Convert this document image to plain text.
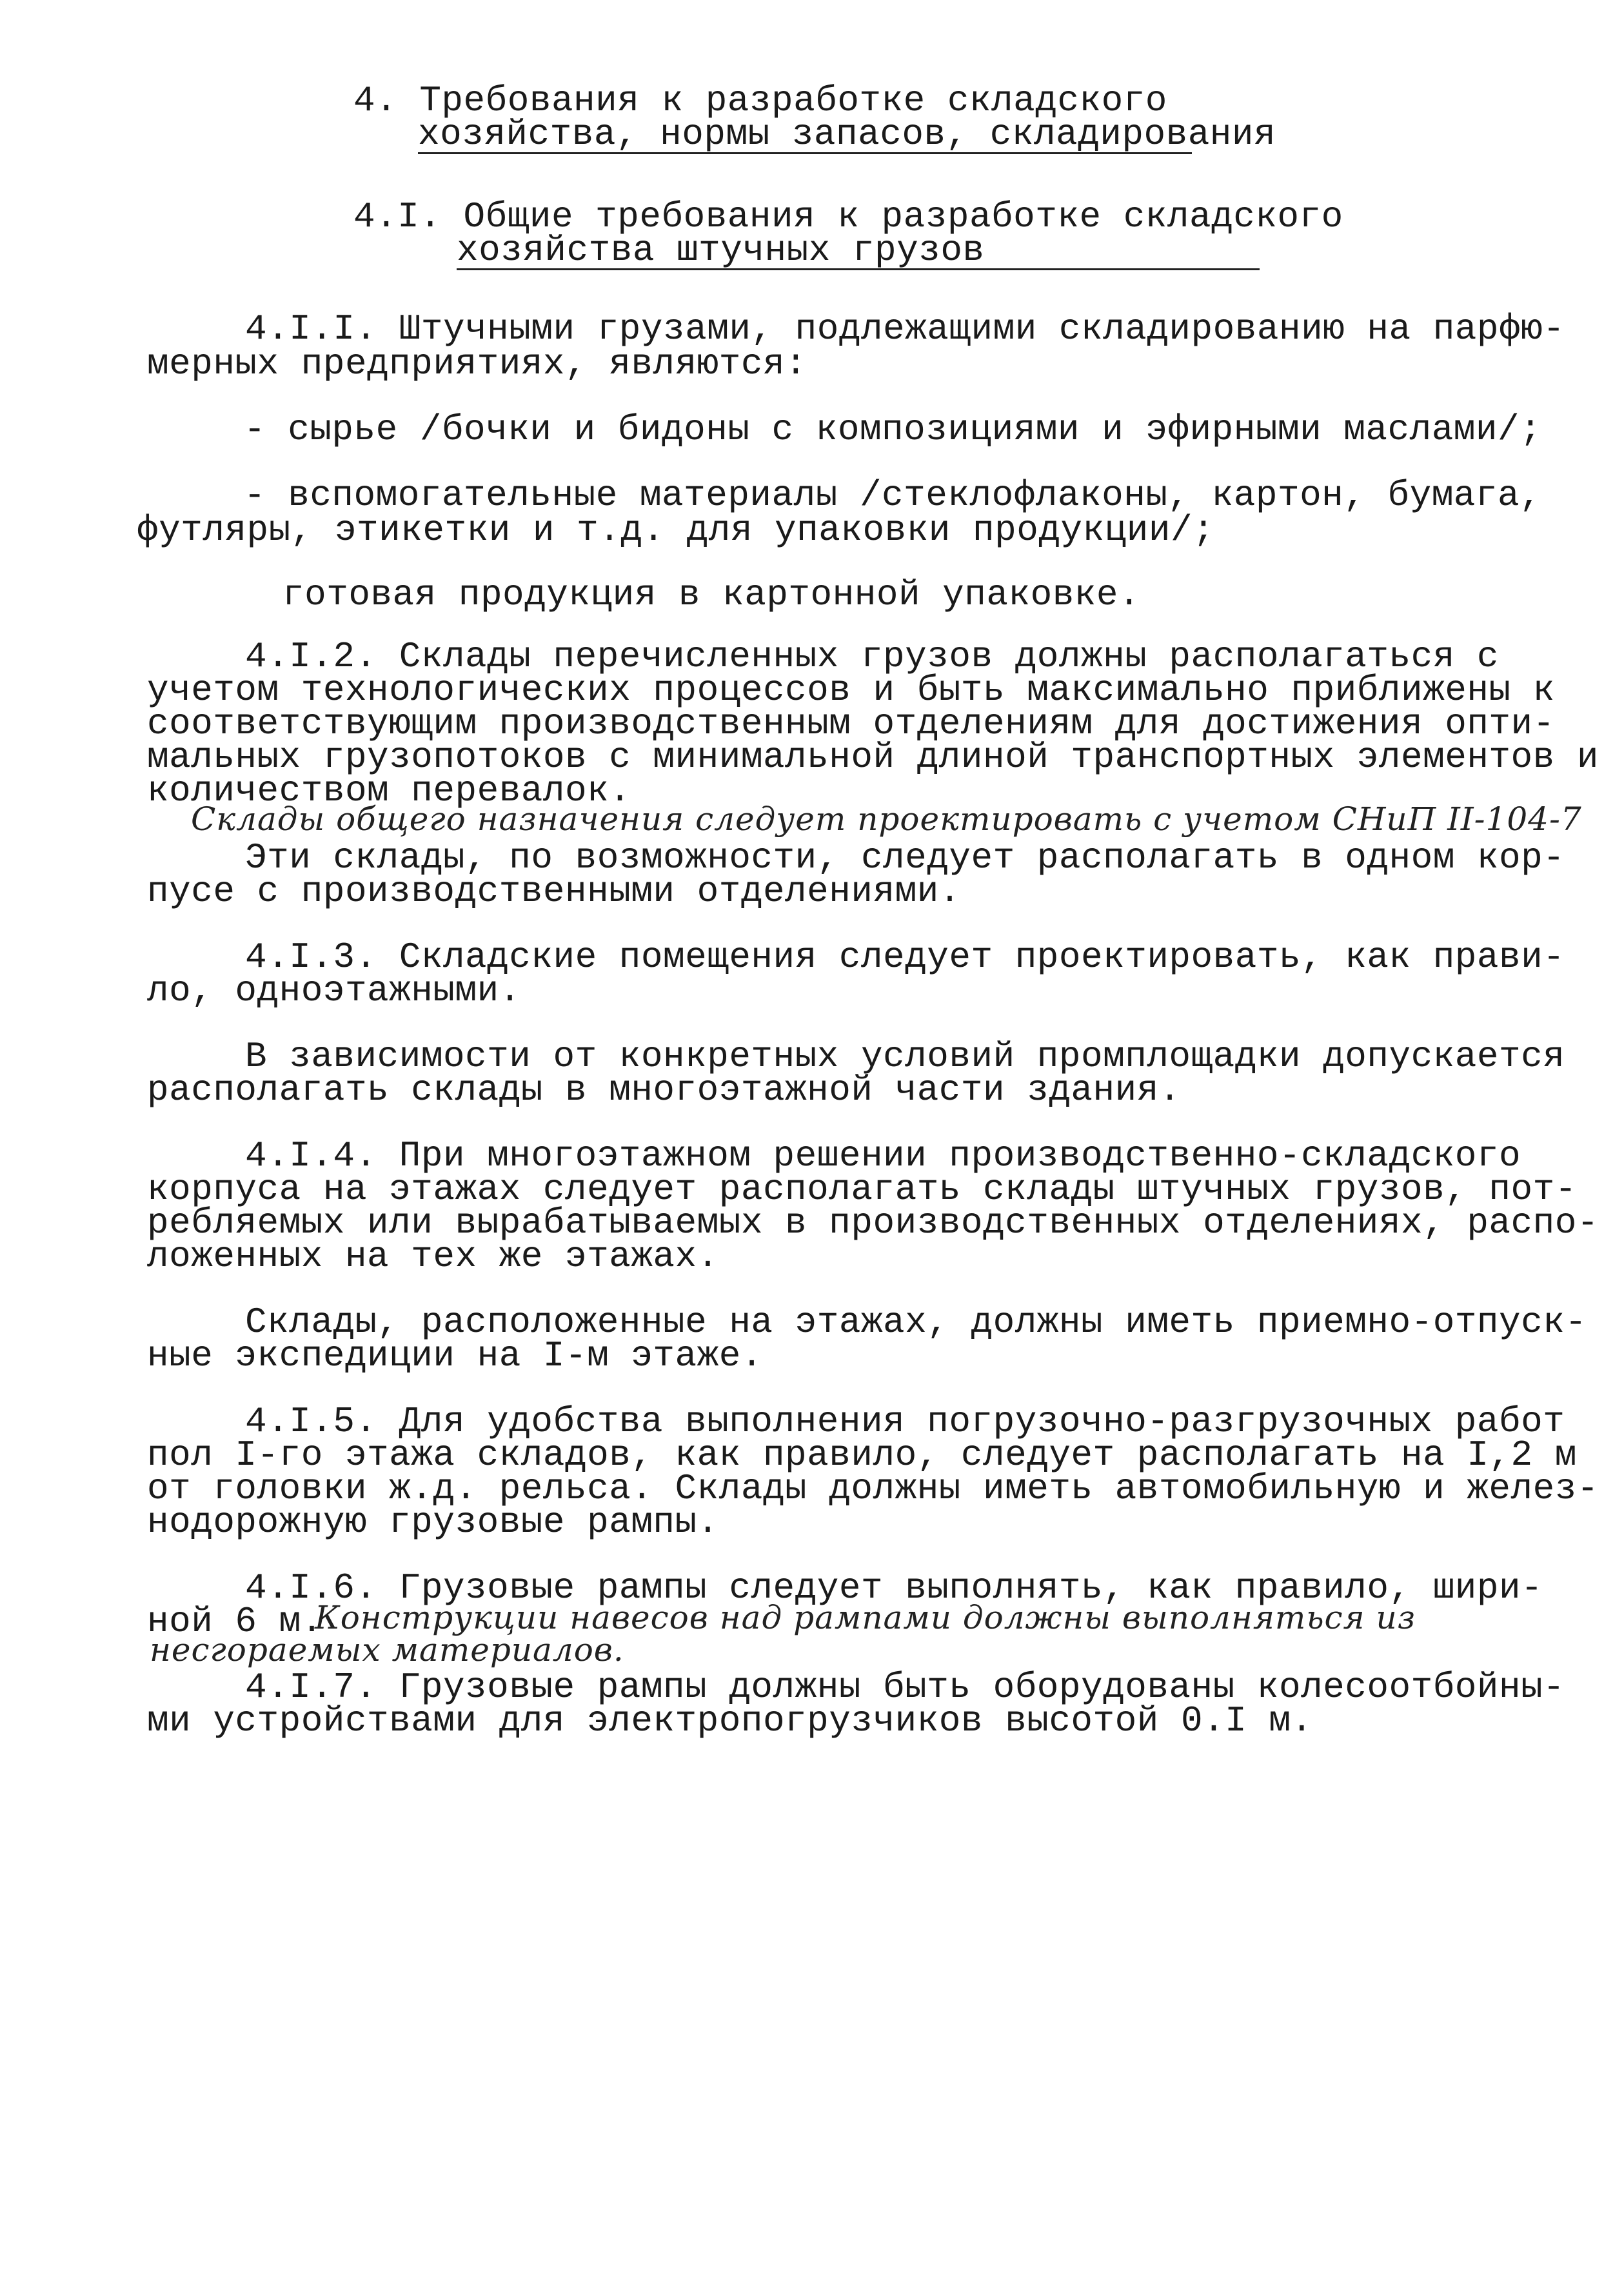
4. Требования к разработке складского
хозяйства, нормы запасов, складирования
4.I. Общие требования к разработке складского
хозяйства штучных грузов
4.I.I. Штучными грузами, подлежащими складированию на парфю-
мерных предприятиях, являются:
- сырье /бочки и бидоны с композициями и эфирными маслами/;
- вспомогательные материалы /стеклофлаконы, картон, бумага,
футляры, этикетки и т.д. для упаковки продукции/;
готовая продукция в картонной упаковке.
4.I.2. Склады перечисленных грузов должны располагаться с
учетом технологических процессов и быть максимально приближены к
соответствующим производственным отделениям для достижения опти-
мальных грузопотоков с минимальной длиной транспортных элементов и
количеством перевалок.
Склады общего назначения следует проектировать с учетом СНиП II-104-7
Эти склады, по возможности, следует располагать в одном кор-
пусе с производственными отделениями.
4.I.3. Складские помещения следует проектировать, как прави-
ло, одноэтажными.
В зависимости от конкретных условий промплощадки допускается
располагать склады в многоэтажной части здания.
4.I.4. При многоэтажном решении производственно-складского
корпуса на этажах следует располагать склады штучных грузов, пот-
ребляемых или вырабатываемых в производственных отделениях, распо-
ложенных на тех же этажах.
Склады, расположенные на этажах, должны иметь приемно-отпуск-
ные экспедиции на I-м этаже.
4.I.5. Для удобства выполнения погрузочно-разгрузочных работ
пол I-го этажа складов, как правило, следует располагать на I,2 м
от головки ж.д. рельса. Склады должны иметь автомобильную и желез-
нодорожную грузовые рампы.
4.I.6. Грузовые рампы следует выполнять, как правило, шири-
ной 6 м.
Конструкции навесов над рампами должны выполняться из
несгораемых материалов.
4.I.7. Грузовые рампы должны быть оборудованы колесоотбойны-
ми устройствами для электропогрузчиков высотой 0.I м.
